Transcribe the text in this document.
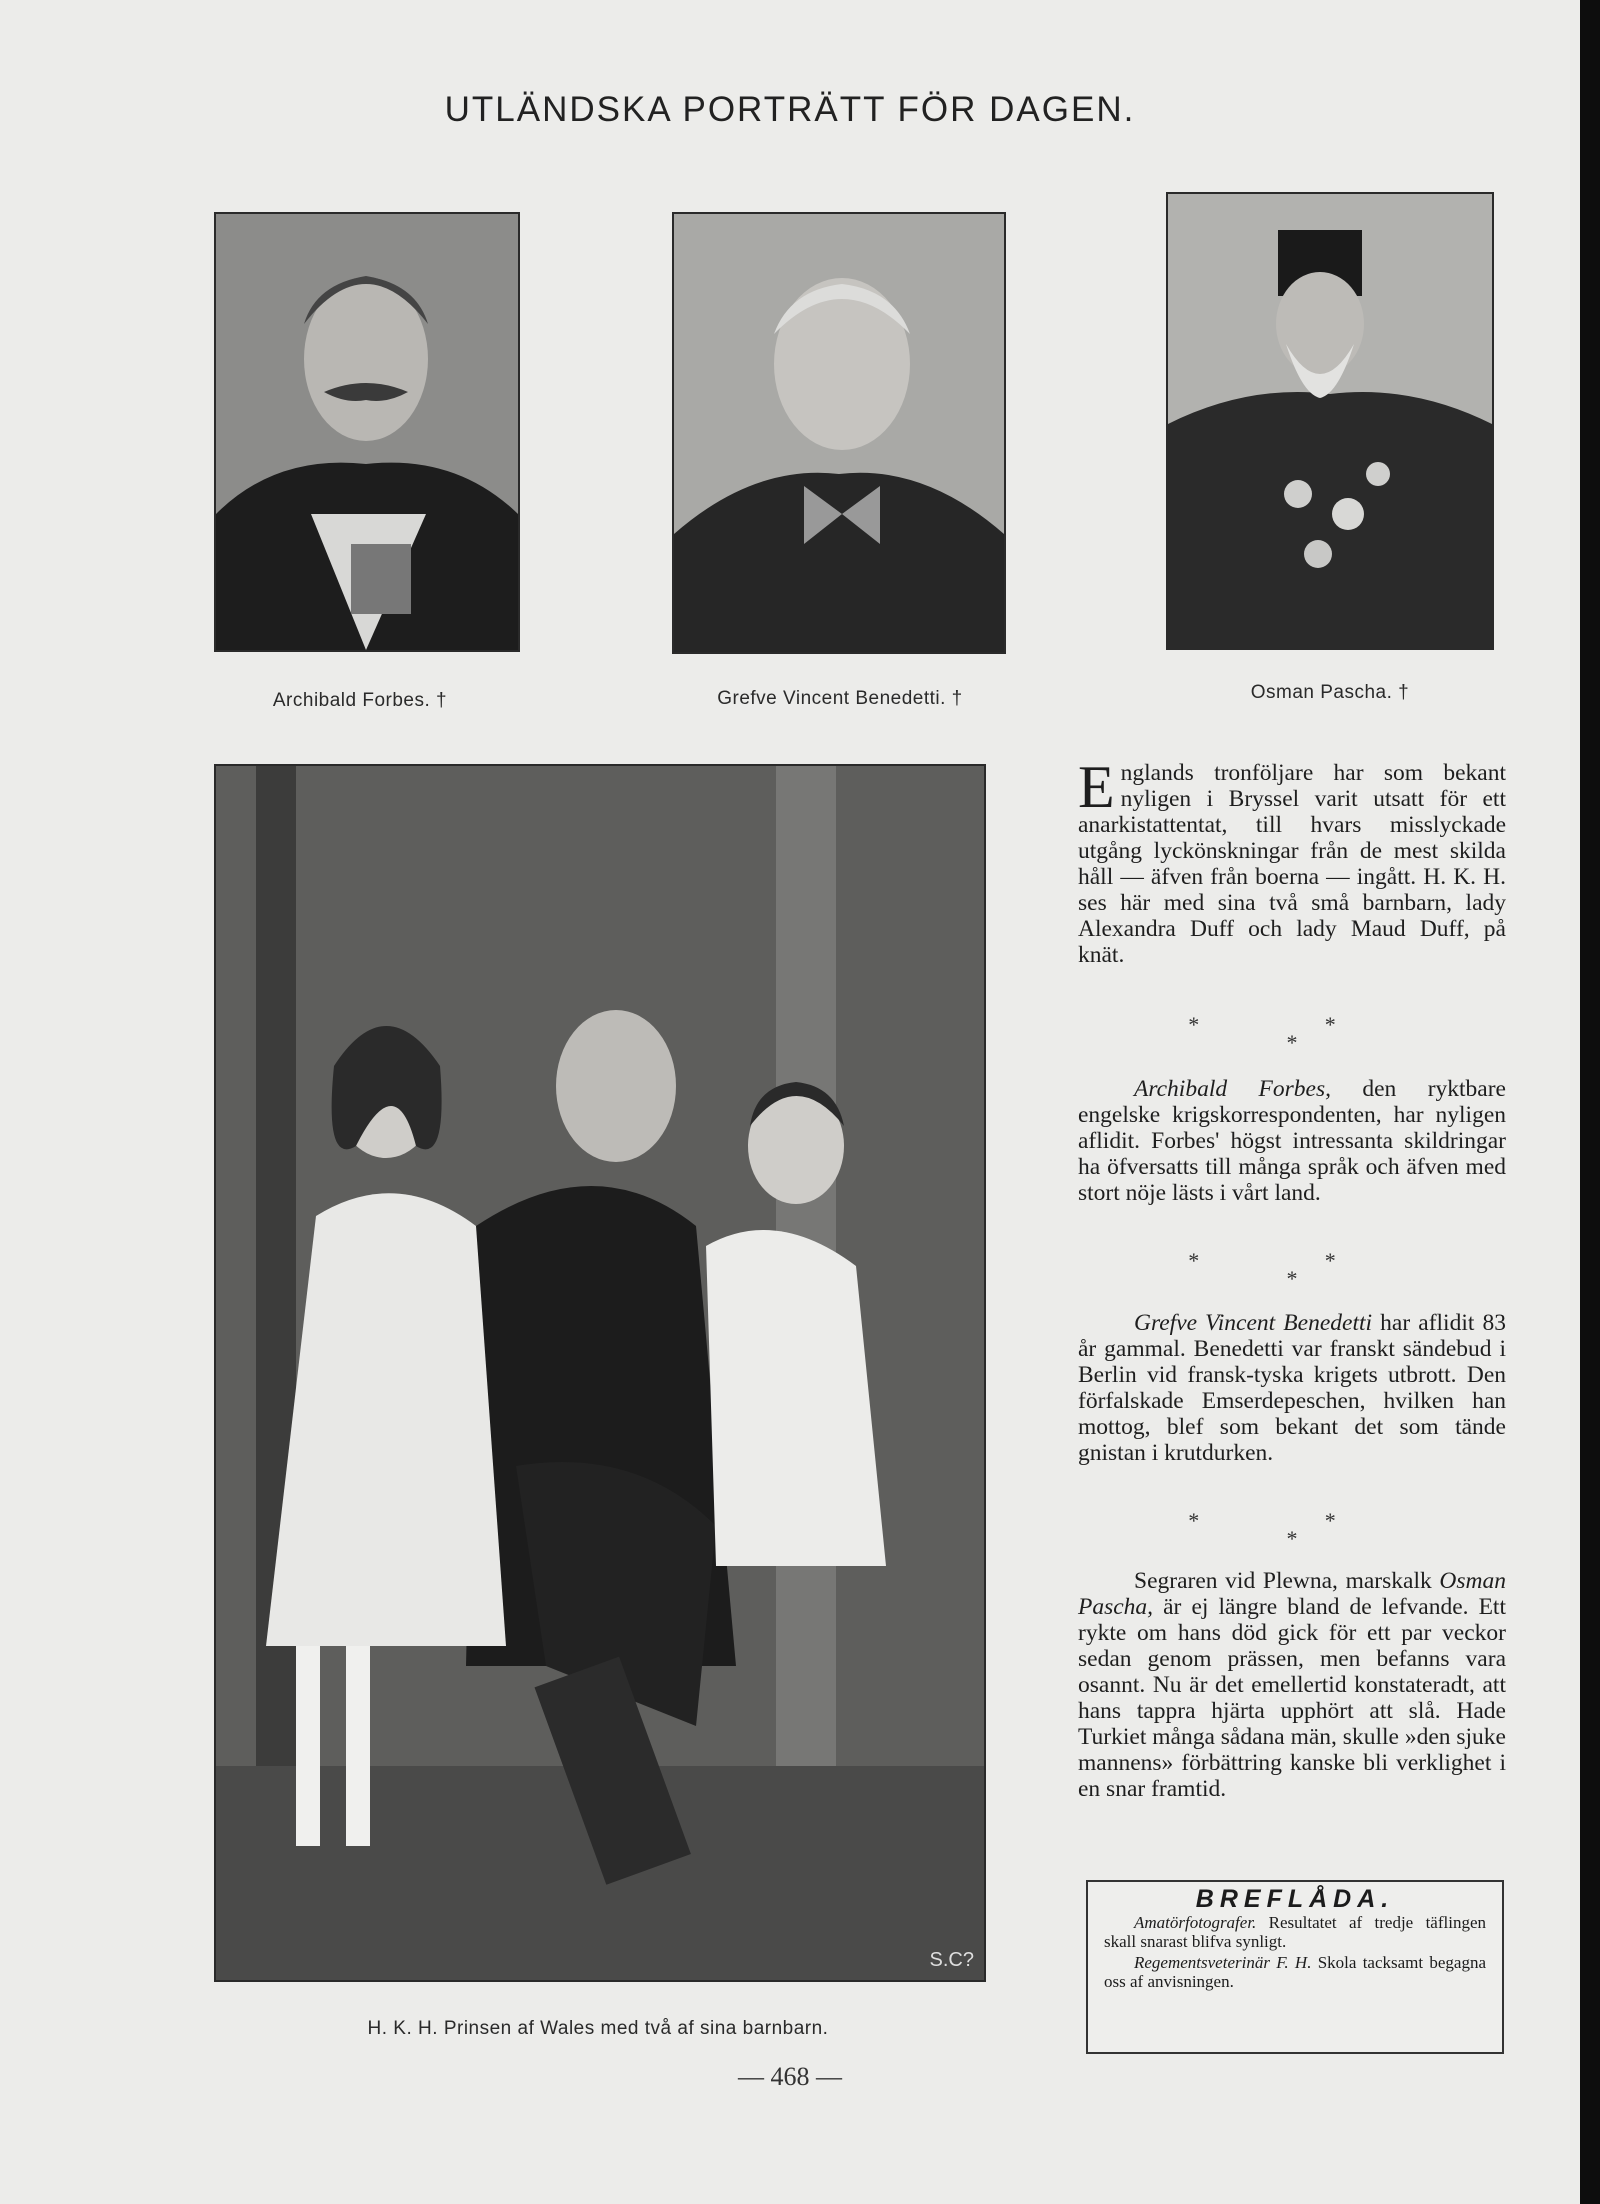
UTLÄNDSKA PORTRÄTT FÖR DAGEN.
Archibald Forbes. †	Grefve Vincent Benedetti. †	Osman Pascha. †
S.C?
H. K. H. Prinsen af Wales med två af sina barnbarn.

E nglands tronföljare har som bekant nyligen i Bryssel varit utsatt för ett anarkistattentat, till hvars misslyckade utgång lyckönskningar från de mest skilda håll — äfven från boerna — ingått. H. K. H. ses här med sina två små barnbarn, lady Alexandra Duff och lady Maud Duff, på knät.

* *
*

Archibald Forbes, den ryktbare engelske krigskorrespondenten, har nyligen aflidit. Forbes' högst intressanta skildringar ha öfversatts till många språk och äfven med stort nöje lästs i vårt land.

* *
*

Grefve Vincent Benedetti har aflidit 83 år gammal. Benedetti var franskt sändebud i Berlin vid fransk-tyska krigets utbrott. Den förfalskade Emserdepeschen, hvilken han mottog, blef som bekant det som tände gnistan i krutdurken.

* *
*

Segraren vid Plewna, marskalk Osman Pascha, är ej längre bland de lefvande. Ett rykte om hans död gick för ett par veckor sedan genom prässen, men befanns vara osannt. Nu är det emellertid konstateradt, att hans tappra hjärta upphört att slå. Hade Turkiet många sådana män, skulle »den sjuke mannens» förbättring kanske bli verklighet i en snar framtid.

BREFLÅDA.

Amatörfotografer. Resultatet af tredje täflingen skall snarast blifva synligt.

Regementsveterinär F. H. Skola tacksamt begagna oss af anvisningen.

— 468 —
